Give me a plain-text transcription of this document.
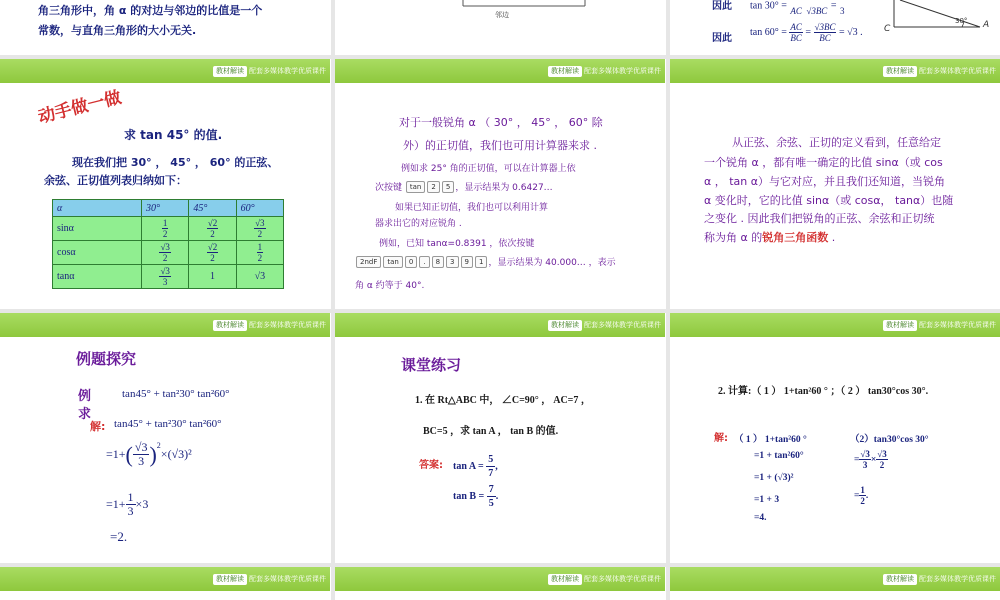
角三角形中，角 α 的对边与邻边的比值是一个
常数，与直角三角形的大小无关.
邻边
因此 tan 30° =
AC

√3BC =
3
因此
$\tan 60^\circ = \frac{AC}{BC} = \frac{√3BC}{BC} = √3$ . C	A
30°
教材解读 配套多媒体教学优质课件
动手做一做
求 tan 45° 的值.
现在我们把 30° ， 45° ， 60° 的正弦、
余弦、正切值列表归纳如下：
α	30°	45°	60°
sinα	$\frac{1}{2}$	$\frac{√2}{2}$	$\frac{√3}{2}$

cosα	$\frac{√3}{2}$	$\frac{√2}{2}$	$\frac{1}{2}$

tanα	$\frac{√3}{3}$	1	√3
教材解读 配套多媒体教学优质课件
对于一般锐角 α （ 30° ， 45° ， 60° 除
外）的正切值，我们也可用计算器来求 .
例如求 25° 角的正切值，可以在计算器上依
次按键
	tan	2	5 ，显示结果为 0.6427…
如果已知正切值，我们也可以利用计算
器求出它的对应锐角 .
例如，已知 tanα=0.8391 ，依次按键
2ndF	tan	0	.	8	3	9	1 ，显示结果为 40.000… ，表示
角 α 约等于 40°.
教材解读 配套多媒体教学优质课件
从正弦、余弦、正切的定义看到，任意给定
一个锐角 α ，都有唯一确定的比值 sinα（或 cos
α ， tan α）与它对应，并且我们还知道，当锐角
α 变化时，它的比值 sinα（或 cosα， tanα）也随
之变化 . 因此我们把锐角的正弦、余弦和正切统
称为角 α 的锐角三角函数 .
教材解读 配套多媒体教学优质课件
例题探究
例
求
tan45° + tan²30° tan²60°
解: tan45° + tan²30° tan²60°
=1+ ( √3
3 )$^2$
×(√3)²
$=1+ \frac{1}{3} \times 3$
=2.
教材解读 配套多媒体教学优质课件
课堂练习
1. 在 Rt△ABC 中， ∠C=90° ， AC=7 ，
BC=5 ，求 tan A ， tan B 的值.
答案: tan A =
$\frac{5}{7}$ ,
tan B =
$\frac{7}{5}$ .
教材解读 配套多媒体教学优质课件
2. 计算:（ 1 ） 1+tan²60 ° ；（ 2 ） tan30°cos 30°.
解: （ 1 ） 1+tan²60 °
=1 + tan²60°
=1 + (√3)²
=1 + 3
=4.
（2）tan30°cos 30°
= $\frac{√3}{3} \times \frac{√3}{2}$
= $\frac{1}{2}$ .
教材解读 配套多媒体教学优质课件	教材解读 配套多媒体教学优质课件	教材解读 配套多媒体教学优质课件
